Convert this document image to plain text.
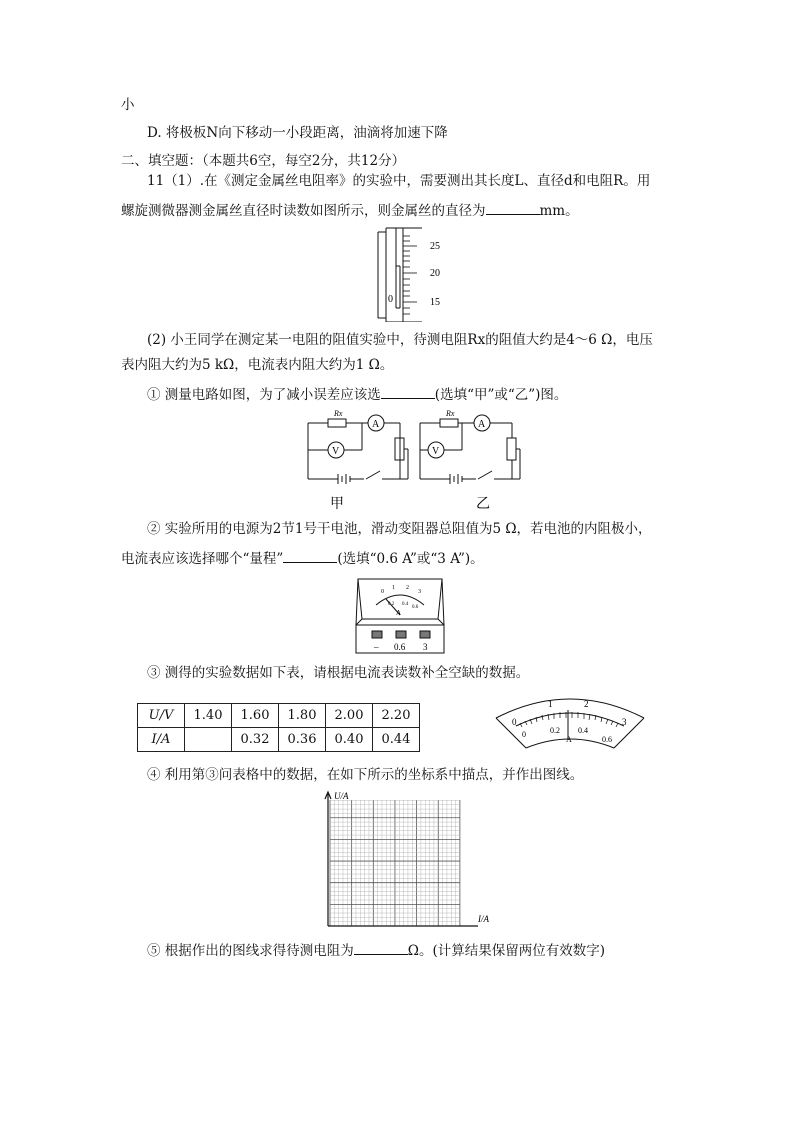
小
D. 将极板N向下移动一小段距离，油滴将加速下降
二、填空题：（本题共6空，每空2分，共12分）
11（1）.在《测定金属丝电阻率》的实验中，需要测出其长度L、直径d和电阻R。用
螺旋测微器测金属丝直径时读数如图所示，则金属丝的直径为	mm。
25
20
15
0
(2) 小王同学在测定某一电阻的阻值实验中，待测电阻Rx的阻值大约是4～6 Ω，电压
表内阻大约为5 kΩ，电流表内阻大约为1 Ω。
① 测量电路如图，为了减小误差应该选	(选填“甲”或“乙”)图。
Rx	Rx
A
V
A
V
甲	乙
② 实验所用的电源为2节1号干电池，滑动变阻器总阻值为5 Ω，若电池的内阻极小，
电流表应该选择哪个“量程”	(选填“0.6 A”或“3 A”)。
0
1 2
3
0.2 0.4
0.6
A
– 0.6 3
③ 测得的实验数据如下表，请根据电流表读数补全空缺的数据。
U/V	1.40	1.60	1.80	2.00	2.20
I/A		0.32	0.36	0.40	0.44
0
1	2
3
0	0.2 0.4
0.6
A
④ 利用第③问表格中的数据，在如下所示的坐标系中描点，并作出图线。
U/A
I/A
⑤ 根据作出的图线求得待测电阻为	Ω。(计算结果保留两位有效数字)
